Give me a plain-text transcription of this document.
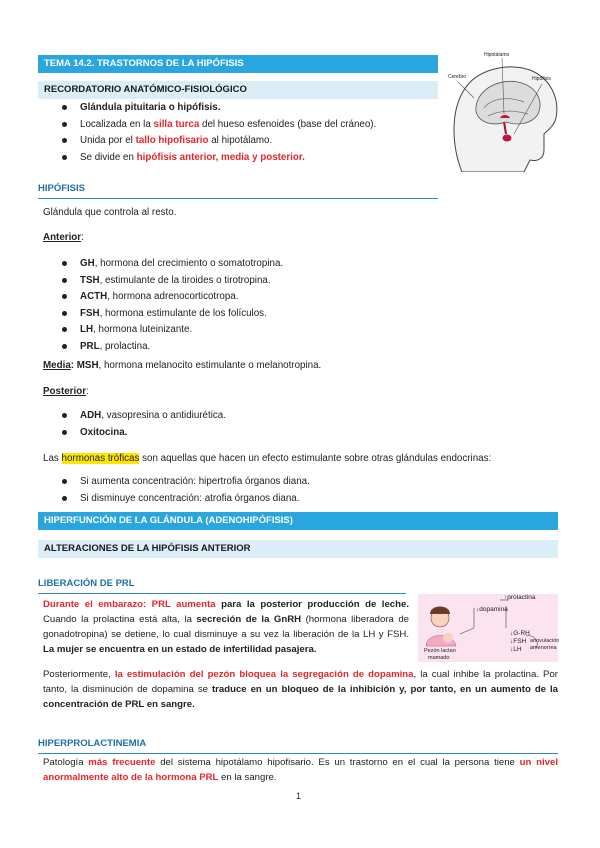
TEMA 14.2. TRASTORNOS DE LA HIPÓFISIS
RECORDATORIO ANATÓMICO-FISIOLÓGICO
Glándula pituitaria o hipófisis.
Localizada en la silla turca del hueso esfenoides (base del cráneo).
Unida por el tallo hipofisario al hipotálamo.
Se divide en hipófisis anterior, media y posterior.
Hipotálamo
Cerebro	Hipófisis
HIPÓFISIS
Glándula que controla al resto.
Anterior:
GH, hormona del crecimiento o somatotropina.
TSH, estimulante de la tiroides o tirotropina.
ACTH, hormona adrenocorticotropa.
FSH, hormona estimulante de los folículos.
LH, hormona luteinizante.
PRL, prolactina.
Media: MSH, hormona melanocito estimulante o melanotropina.
Posterior:
ADH, vasopresina o antidiurética.
Oxitocina.
Las hormonas tróficas son aquellas que hacen un efecto estimulante sobre otras glándulas endocrinas:
Si aumenta concentración: hipertrofia órganos diana.
Si disminuye concentración: atrofia órganos diana.
HIPERFUNCIÓN DE LA GLÁNDULA (ADENOHIPÓFISIS)
ALTERACIONES DE LA HIPÓFISIS ANTERIOR
LIBERACIÓN DE PRL
Durante el embarazo: PRL aumenta para la posterior producción de leche. Cuando la prolactina está alta, la secreción de la GnRH (hormona liberadora de gonadotropina) se detiene, lo cual disminuye a su vez la liberación de la LH y FSH. La mujer se encuentra en un estado de infertilidad pasajera.
↑prolactina
↓dopamina
↓G-RH
↓FSH
↓LH
anovulación
amenorrea
Pezón lactan
mamado
Posteriormente, la estimulación del pezón bloquea la segregación de dopamina, la cual inhibe la prolactina. Por tanto, la disminución de dopamina se traduce en un bloqueo de la inhibición y, por tanto, en un aumento de la concentración de PRL en sangre.
HIPERPROLACTINEMIA
Patología más frecuente del sistema hipotálamo hipofisario. Es un trastorno en el cual la persona tiene un nivel anormalmente alto de la hormona PRL en la sangre.
1
